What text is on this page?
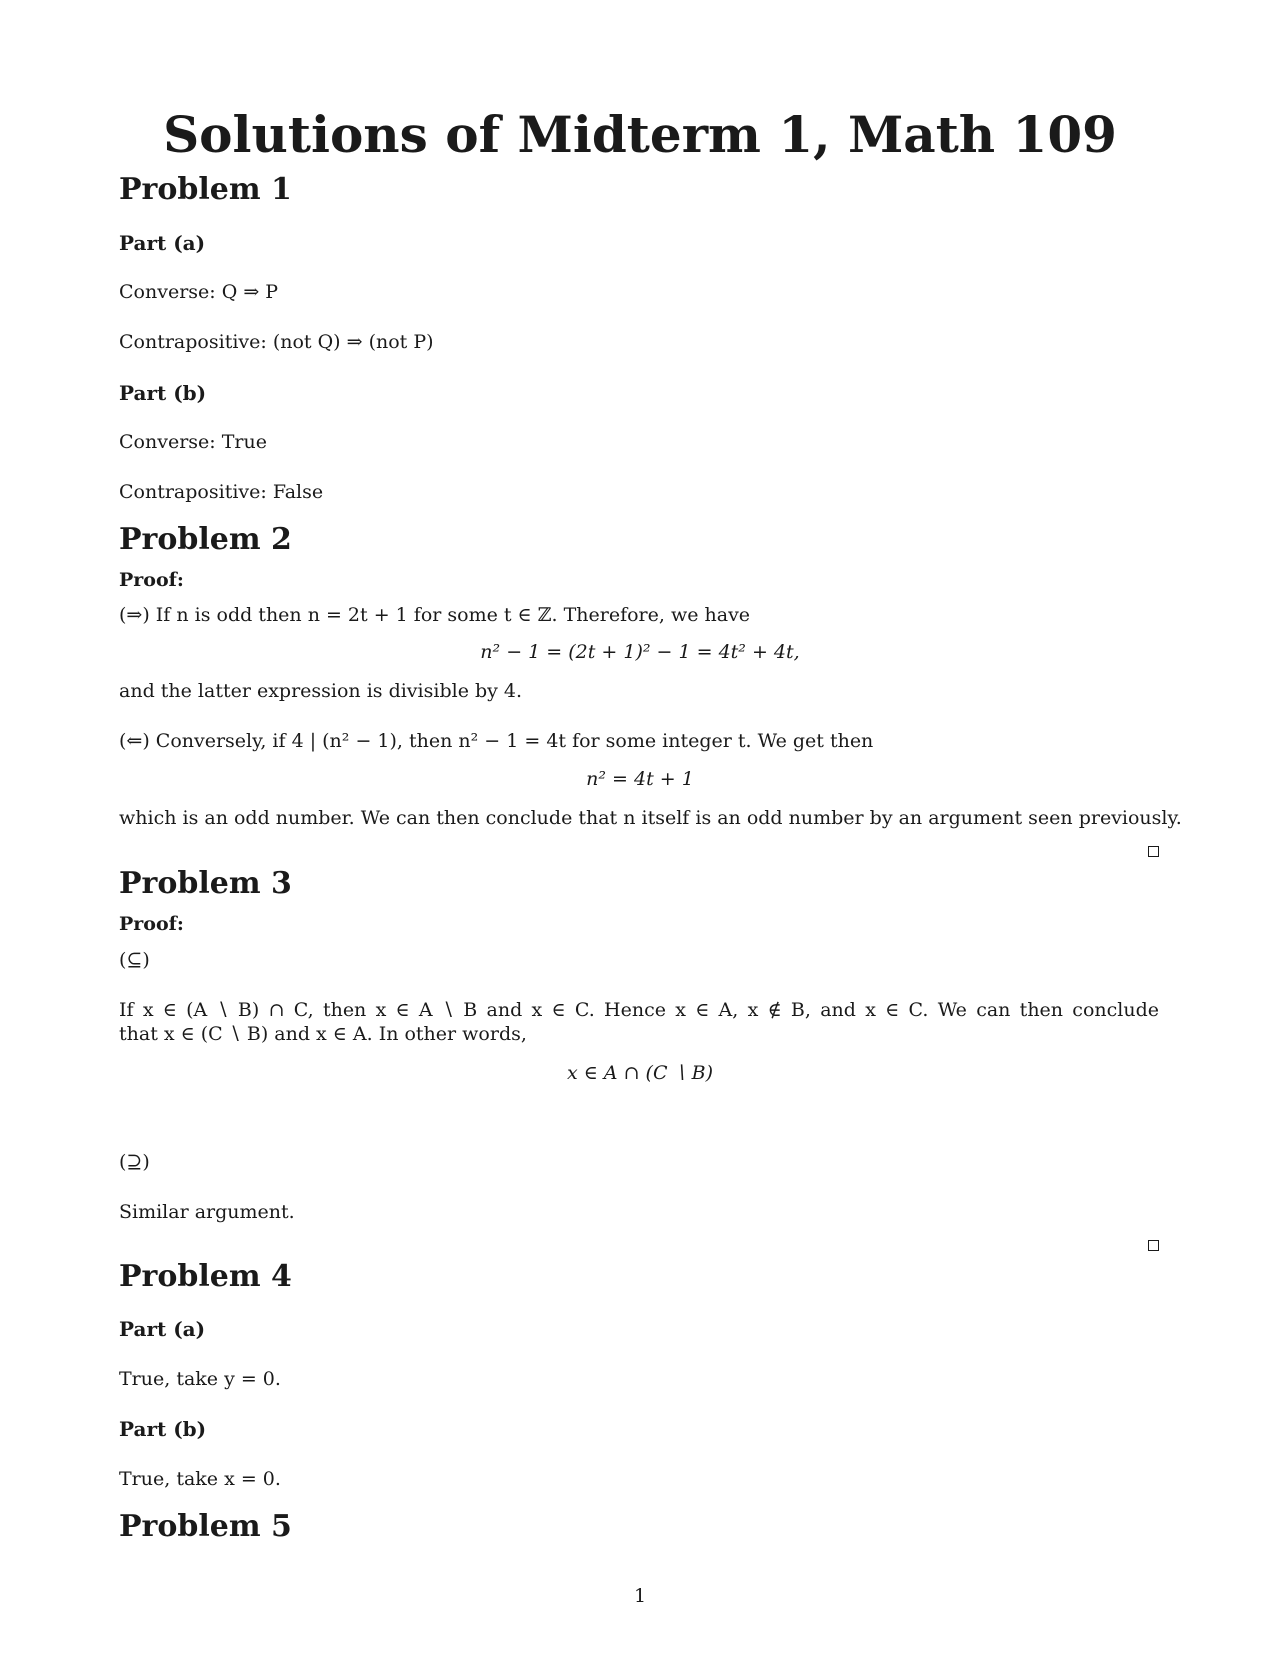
Solutions of Midterm 1, Math 109
Problem 1
Part (a)
Converse: Q ⇒ P
Contrapositive: (not Q) ⇒ (not P)
Part (b)
Converse: True
Contrapositive: False
Problem 2
Proof:
(⇒) If n is odd then n = 2t + 1 for some t ∈ ℤ. Therefore, we have
n² − 1 = (2t + 1)² − 1 = 4t² + 4t,
and the latter expression is divisible by 4.
(⇐) Conversely, if 4 | (n² − 1), then n² − 1 = 4t for some integer t. We get then
n² = 4t + 1
which is an odd number. We can then conclude that n itself is an odd number by an argument seen previously.
Problem 3
Proof:
(⊆)
If x ∈ (A ∖ B) ∩ C, then x ∈ A ∖ B and x ∈ C. Hence x ∈ A, x ∉ B, and x ∈ C. We can then conclude
that x ∈ (C ∖ B) and x ∈ A. In other words,
x ∈ A ∩ (C ∖ B)
(⊇)
Similar argument.
Problem 4
Part (a)
True, take y = 0.
Part (b)
True, take x = 0.
Problem 5
1
